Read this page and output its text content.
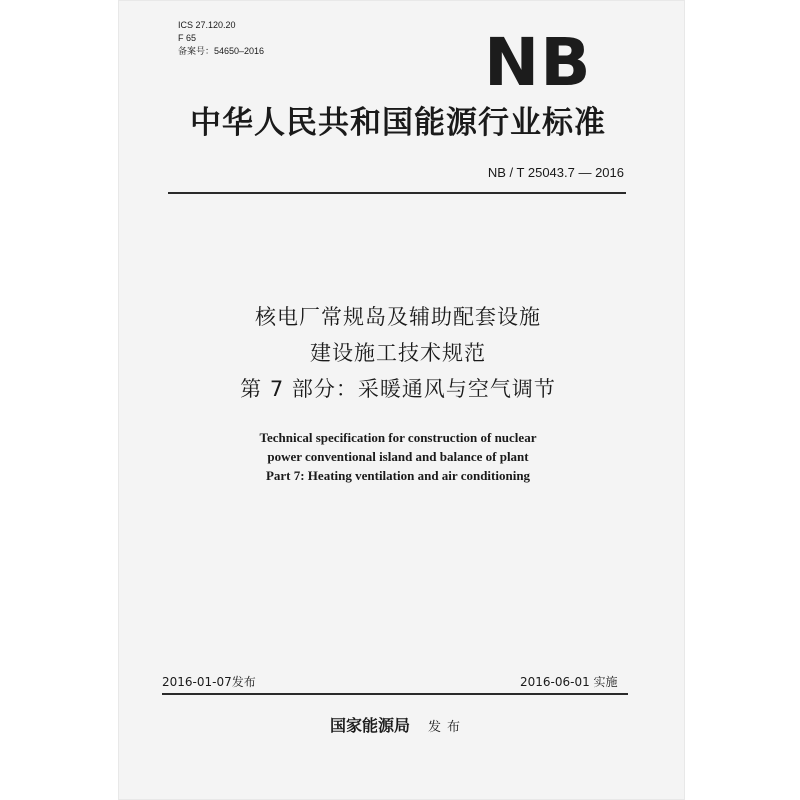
ICS 27.120.20
F 65
备案号：54650–2016	NB
中华人民共和国能源行业标准
NB / T 25043.7 — 2016
核电厂常规岛及辅助配套设施
建设施工技术规范
第 7 部分：采暖通风与空气调节
Technical specification for construction of nuclear
power conventional island and balance of plant
Part 7: Heating ventilation and air conditioning
2016-01-07发布	2016-06-01 实施
国家能源局 发布
